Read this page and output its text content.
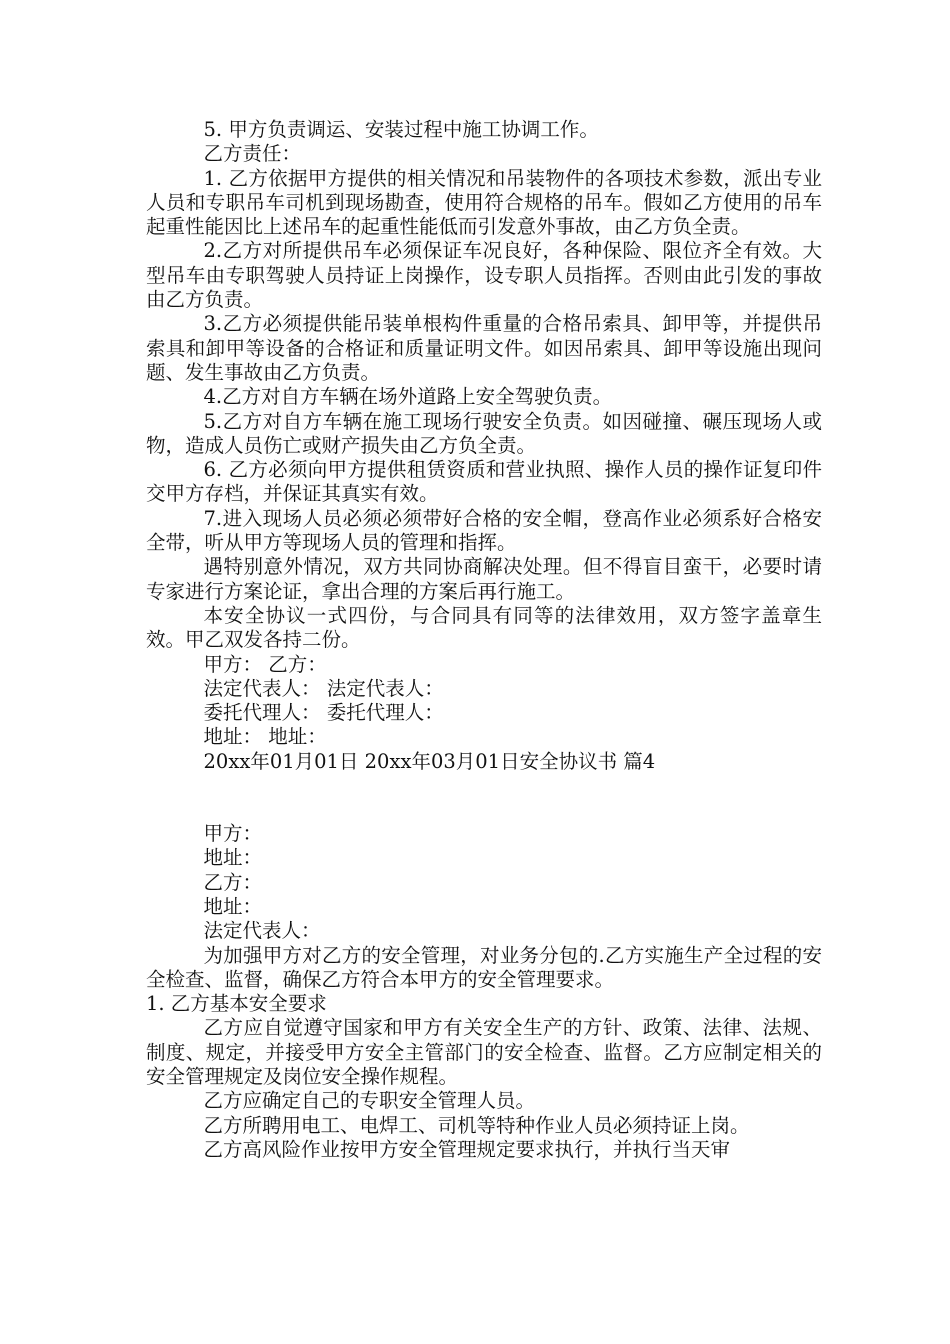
5. 甲方负责调运、安装过程中施工协调工作。

乙方责任：

1. 乙方依据甲方提供的相关情况和吊装物件的各项技术参数，派出专业人员和专职吊车司机到现场勘查，使用符合规格的吊车。假如乙方使用的吊车起重性能因比上述吊车的起重性能低而引发意外事故，由乙方负全责。

2.乙方对所提供吊车必须保证车况良好，各种保险、限位齐全有效。大型吊车由专职驾驶人员持证上岗操作，设专职人员指挥。否则由此引发的事故由乙方负责。

3.乙方必须提供能吊装单根构件重量的合格吊索具、卸甲等，并提供吊索具和卸甲等设备的合格证和质量证明文件。如因吊索具、卸甲等设施出现问题、发生事故由乙方负责。

4.乙方对自方车辆在场外道路上安全驾驶负责。

5.乙方对自方车辆在施工现场行驶安全负责。如因碰撞、碾压现场人或物，造成人员伤亡或财产损失由乙方负全责。

6. 乙方必须向甲方提供租赁资质和营业执照、操作人员的操作证复印件交甲方存档，并保证其真实有效。

7.进入现场人员必须必须带好合格的安全帽，登高作业必须系好合格安全带，听从甲方等现场人员的管理和指挥。

遇特别意外情况，双方共同协商解决处理。但不得盲目蛮干，必要时请专家进行方案论证，拿出合理的方案后再行施工。

本安全协议一式四份，与合同具有同等的法律效用，双方签字盖章生效。甲乙双发各持二份。

甲方： 乙方：

法定代表人： 法定代表人：

委托代理人： 委托代理人：

地址： 地址：

20xx年01月01日 20xx年03月01日安全协议书 篇4

甲方：

地址：

乙方：

地址：

法定代表人：

为加强甲方对乙方的安全管理，对业务分包的.乙方实施生产全过程的安全检查、监督，确保乙方符合本甲方的安全管理要求。

1. 乙方基本安全要求

乙方应自觉遵守国家和甲方有关安全生产的方针、政策、法律、法规、制度、规定，并接受甲方安全主管部门的安全检查、监督。乙方应制定相关的安全管理规定及岗位安全操作规程。

乙方应确定自己的专职安全管理人员。

乙方所聘用电工、电焊工、司机等特种作业人员必须持证上岗。

乙方高风险作业按甲方安全管理规定要求执行，并执行当天审
